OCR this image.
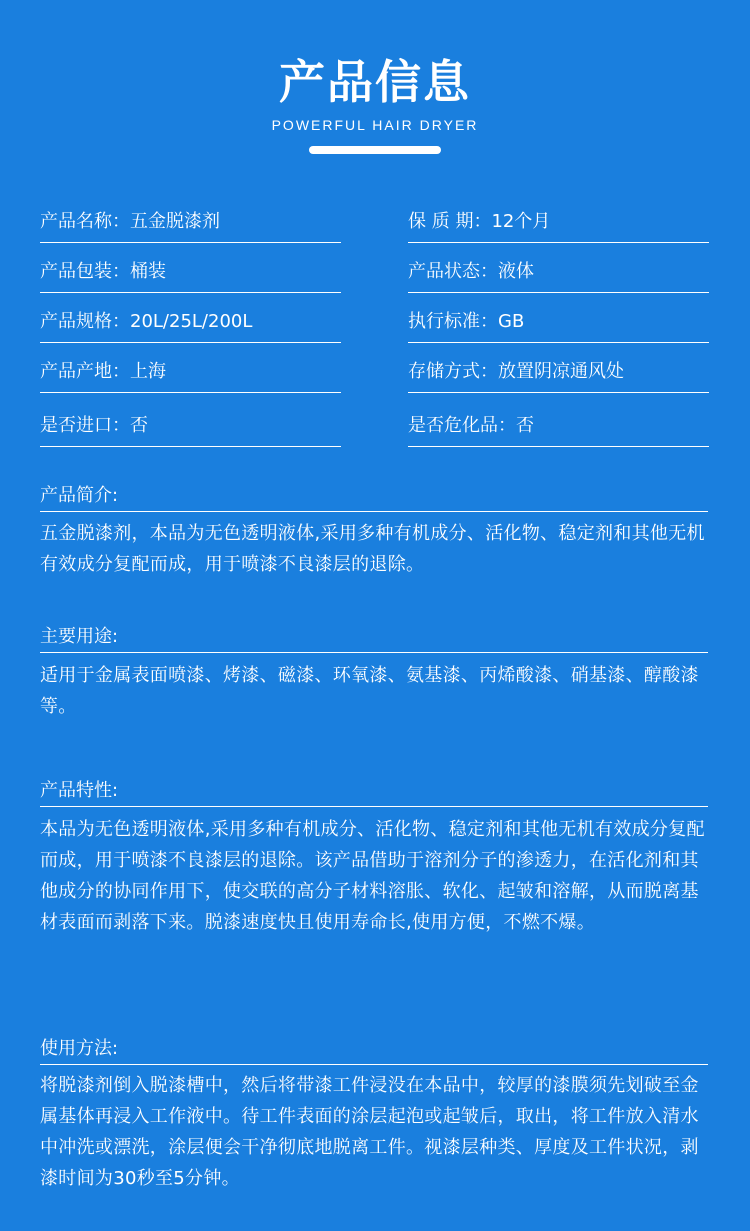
产品信息
POWERFUL HAIR DRYER
产品名称：五金脱漆剂
产品包装：桶装
产品规格：20L/25L/200L
产品产地：上海
是否进口：否
保 质 期：12个月
产品状态：液体
执行标准：GB
存储方式：放置阴凉通风处
是否危化品：否
产品简介:
五金脱漆剂，本品为无色透明液体,采用多种有机成分、活化物、稳定剂和其他无机有效成分复配而成，用于喷漆不良漆层的退除。
主要用途:
适用于金属表面喷漆、烤漆、磁漆、环氧漆、氨基漆、丙烯酸漆、硝基漆、醇酸漆等。
产品特性:
本品为无色透明液体,采用多种有机成分、活化物、稳定剂和其他无机有效成分复配而成，用于喷漆不良漆层的退除。该产品借助于溶剂分子的渗透力，在活化剂和其他成分的协同作用下，使交联的高分子材料溶胀、软化、起皱和溶解，从而脱离基材表面而剥落下来。脱漆速度快且使用寿命长,使用方便，不燃不爆。
使用方法:
将脱漆剂倒入脱漆槽中，然后将带漆工件浸没在本品中，较厚的漆膜须先划破至金属基体再浸入工作液中。待工件表面的涂层起泡或起皱后，取出，将工件放入清水中冲洗或漂洗，涂层便会干净彻底地脱离工件。视漆层种类、厚度及工件状况，剥漆时间为30秒至5分钟。
